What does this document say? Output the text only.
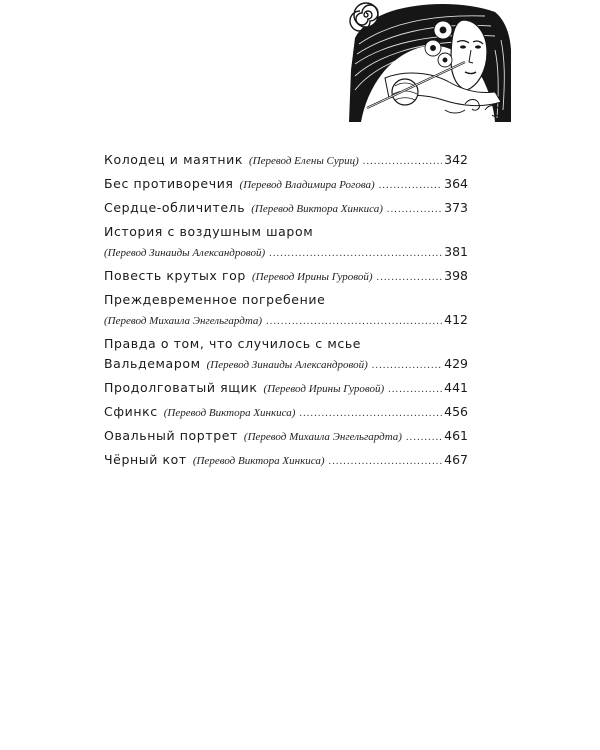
Колодец и маятник (Перевод Елены Суриц) .....	342
Бес противоречия (Перевод Владимира Рогова) .....	364
Сердце-обличитель (Перевод Виктора Хинкиса) .....	373
История с воздушным шаром
(Перевод Зинаиды Александровой) .....	381
Повесть крутых гор (Перевод Ирины Гуровой) .....	398
Преждевременное погребение
(Перевод Михаила Энгельгардта) .....	412
Правда о том, что случилось с мсье
Вальдемаром (Перевод Зинаиды Александровой) .....	429
Продолговатый ящик (Перевод Ирины Гуровой) .....	441
Сфинкс (Перевод Виктора Хинкиса) .....	456
Овальный портрет (Перевод Михаила Энгельгардта) .....	461
Чёрный кот (Перевод Виктора Хинкиса) .....	467
